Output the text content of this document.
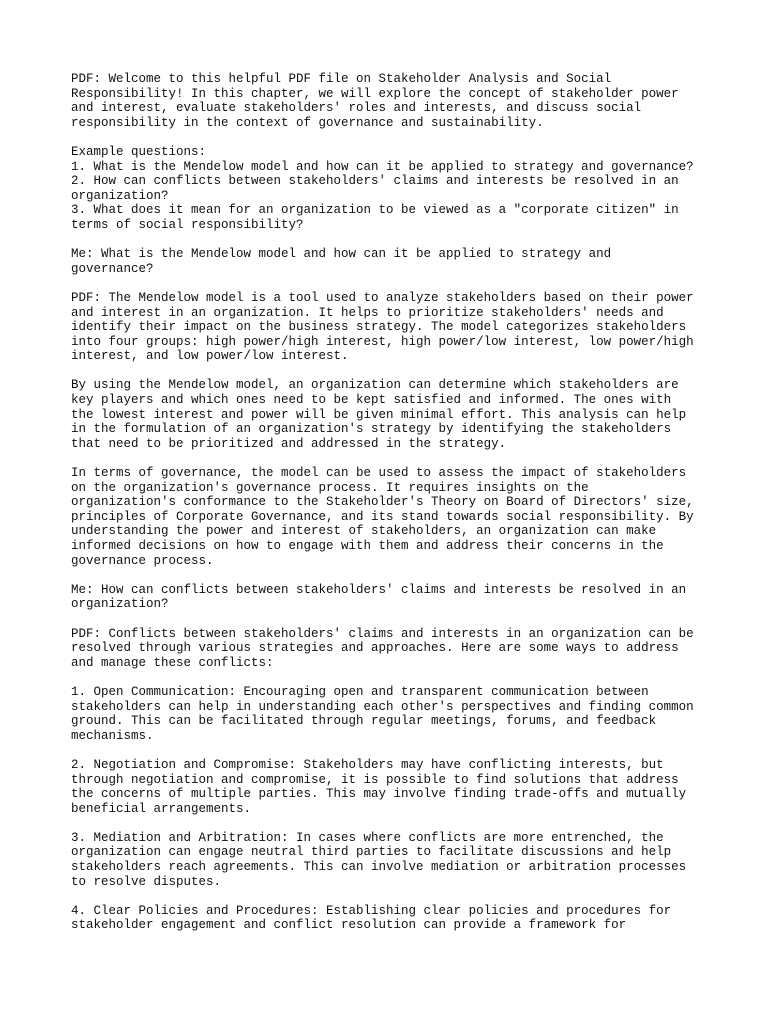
PDF: Welcome to this helpful PDF file on Stakeholder Analysis and Social
Responsibility! In this chapter, we will explore the concept of stakeholder power
and interest, evaluate stakeholders' roles and interests, and discuss social
responsibility in the context of governance and sustainability.
Example questions:
1. What is the Mendelow model and how can it be applied to strategy and governance?
2. How can conflicts between stakeholders' claims and interests be resolved in an
organization?
3. What does it mean for an organization to be viewed as a "corporate citizen" in
terms of social responsibility?
Me: What is the Mendelow model and how can it be applied to strategy and
governance?
PDF: The Mendelow model is a tool used to analyze stakeholders based on their power
and interest in an organization. It helps to prioritize stakeholders' needs and
identify their impact on the business strategy. The model categorizes stakeholders
into four groups: high power/high interest, high power/low interest, low power/high
interest, and low power/low interest.
By using the Mendelow model, an organization can determine which stakeholders are
key players and which ones need to be kept satisfied and informed. The ones with
the lowest interest and power will be given minimal effort. This analysis can help
in the formulation of an organization's strategy by identifying the stakeholders
that need to be prioritized and addressed in the strategy.
In terms of governance, the model can be used to assess the impact of stakeholders
on the organization's governance process. It requires insights on the
organization's conformance to the Stakeholder's Theory on Board of Directors' size,
principles of Corporate Governance, and its stand towards social responsibility. By
understanding the power and interest of stakeholders, an organization can make
informed decisions on how to engage with them and address their concerns in the
governance process.
Me: How can conflicts between stakeholders' claims and interests be resolved in an
organization?
PDF: Conflicts between stakeholders' claims and interests in an organization can be
resolved through various strategies and approaches. Here are some ways to address
and manage these conflicts:
1. Open Communication: Encouraging open and transparent communication between
stakeholders can help in understanding each other's perspectives and finding common
ground. This can be facilitated through regular meetings, forums, and feedback
mechanisms.
2. Negotiation and Compromise: Stakeholders may have conflicting interests, but
through negotiation and compromise, it is possible to find solutions that address
the concerns of multiple parties. This may involve finding trade-offs and mutually
beneficial arrangements.
3. Mediation and Arbitration: In cases where conflicts are more entrenched, the
organization can engage neutral third parties to facilitate discussions and help
stakeholders reach agreements. This can involve mediation or arbitration processes
to resolve disputes.
4. Clear Policies and Procedures: Establishing clear policies and procedures for
stakeholder engagement and conflict resolution can provide a framework for
